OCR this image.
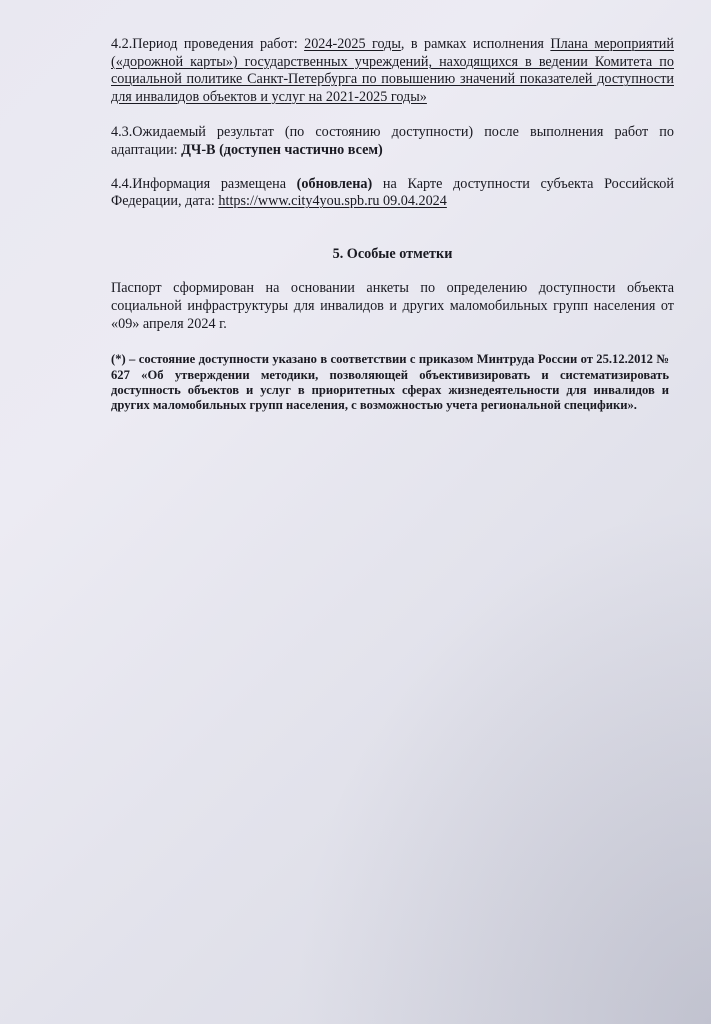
4.2.Период проведения работ: 2024-2025 годы, в рамках исполнения Плана мероприятий («дорожной карты») государственных учреждений, находящихся в ведении Комитета по социальной политике Санкт-Петербурга по повышению значений показателей доступности для инвалидов объектов и услуг на 2021-2025 годы»

4.3.Ожидаемый результат (по состоянию доступности) после выполнения работ по адаптации: ДЧ-В (доступен частично всем)

4.4.Информация размещена (обновлена) на Карте доступности субъекта Российской Федерации, дата: https://www.city4you.spb.ru 09.04.2024

5. Особые отметки

Паспорт сформирован на основании анкеты по определению доступности объекта социальной инфраструктуры для инвалидов и других маломобильных групп населения от «09» апреля 2024 г.

(*) – состояние доступности указано в соответствии с приказом Минтруда России от 25.12.2012 № 627 «Об утверждении методики, позволяющей объективизировать и систематизировать доступность объектов и услуг в приоритетных сферах жизнедеятельности для инвалидов и других маломобильных групп населения, с возможностью учета региональной специфики».
